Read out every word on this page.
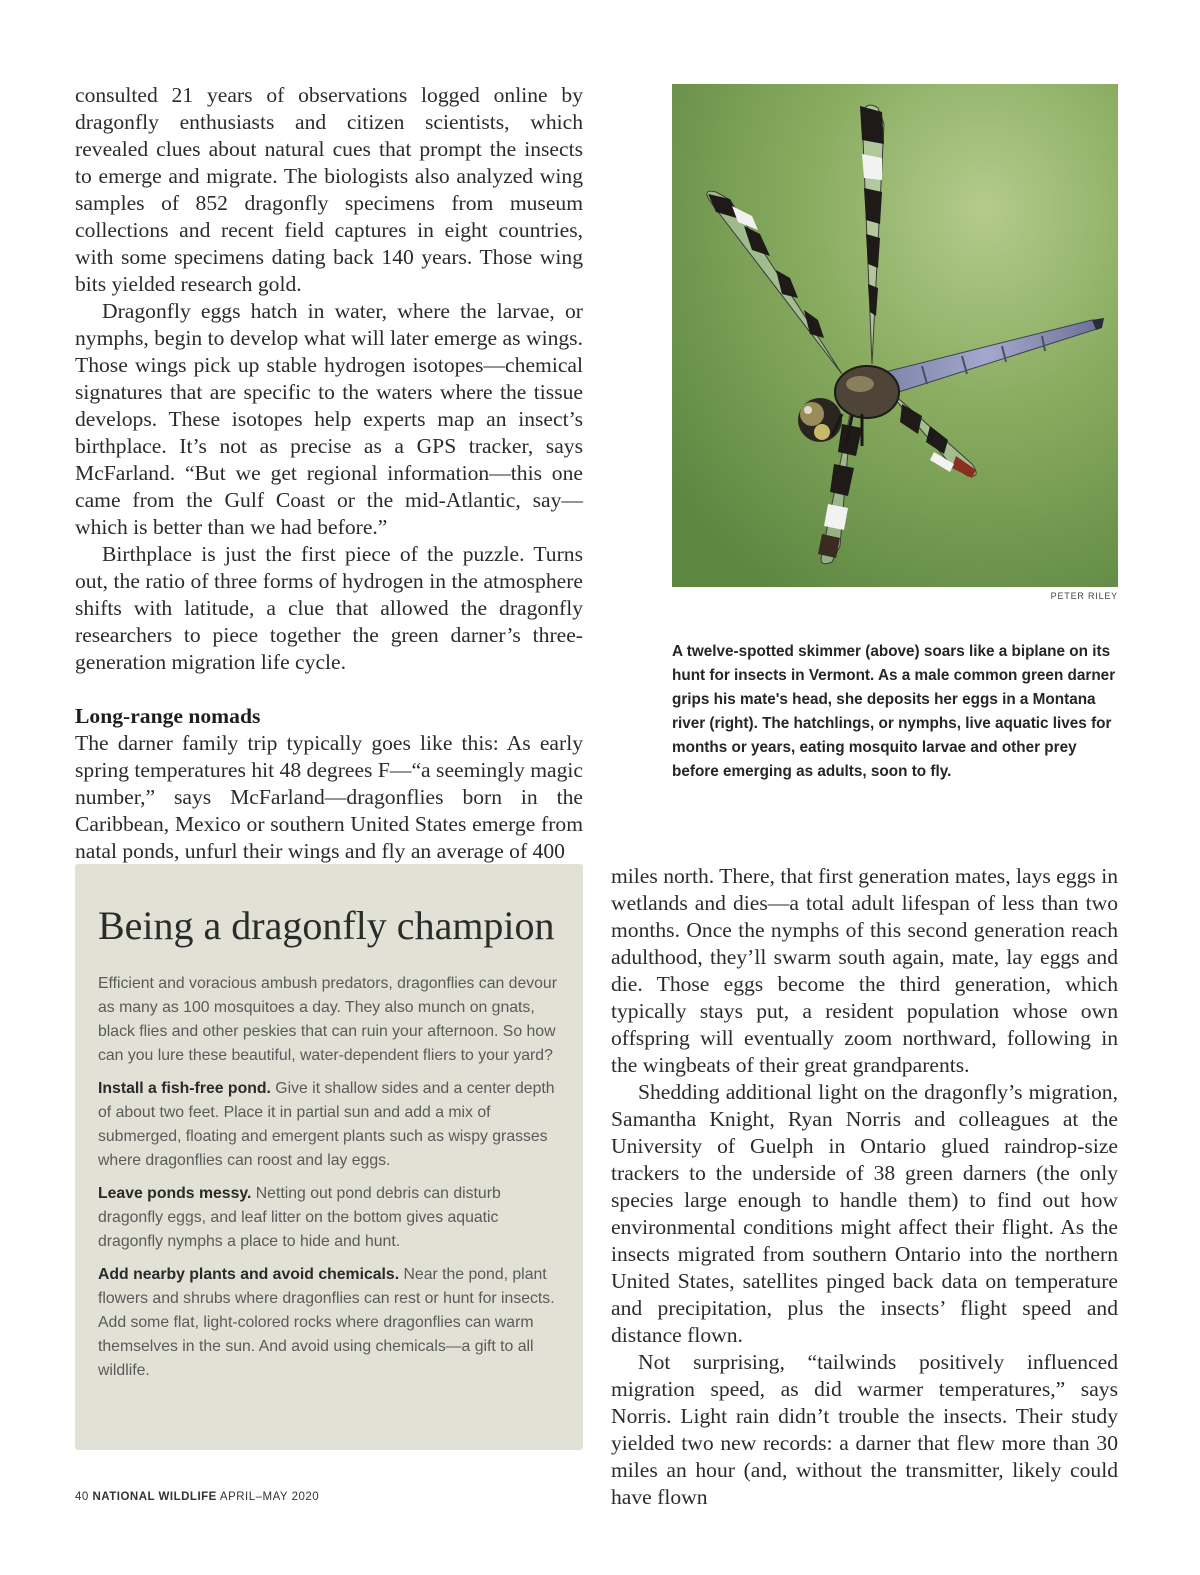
consulted 21 years of observations logged online by dragonfly enthusiasts and citizen scientists, which revealed clues about natural cues that prompt the insects to emerge and migrate. The biologists also analyzed wing samples of 852 dragonfly specimens from museum collections and recent field captures in eight countries, with some specimens dating back 140 years. Those wing bits yielded research gold.

Dragonfly eggs hatch in water, where the larvae, or nymphs, begin to develop what will later emerge as wings. Those wings pick up stable hydrogen isotopes—chemical signatures that are specific to the waters where the tissue develops. These isotopes help experts map an insect’s birthplace. It’s not as precise as a GPS tracker, says McFarland. “But we get regional information—this one came from the Gulf Coast or the mid-Atlantic, say—which is better than we had before.”

Birthplace is just the first piece of the puzzle. Turns out, the ratio of three forms of hydrogen in the atmosphere shifts with latitude, a clue that allowed the dragonfly researchers to piece together the green darner’s three-generation migration life cycle.

Long-range nomads

The darner family trip typically goes like this: As early spring temperatures hit 48 degrees F—“a seemingly magic number,” says McFarland—dragonflies born in the Caribbean, Mexico or southern United States emerge from natal ponds, unfurl their wings and fly an average of 400

PETER RILEY
A twelve-spotted skimmer (above) soars like a biplane on its hunt for insects in Vermont. As a male common green darner grips his mate's head, she deposits her eggs in a Montana river (right). The hatchlings, or nymphs, live aquatic lives for months or years, eating mosquito larvae and other prey before emerging as adults, soon to fly.
Being a dragonfly champion

Efficient and voracious ambush predators, dragonflies can devour as many as 100 mosquitoes a day. They also munch on gnats, black flies and other peskies that can ruin your afternoon. So how can you lure these beautiful, water-dependent fliers to your yard?

Install a fish-free pond. Give it shallow sides and a center depth of about two feet. Place it in partial sun and add a mix of submerged, floating and emergent plants such as wispy grasses where dragonflies can roost and lay eggs.

Leave ponds messy. Netting out pond debris can disturb dragonfly eggs, and leaf litter on the bottom gives aquatic dragonfly nymphs a place to hide and hunt.

Add nearby plants and avoid chemicals. Near the pond, plant flowers and shrubs where dragonflies can rest or hunt for insects. Add some flat, light-colored rocks where dragonflies can warm themselves in the sun. And avoid using chemicals—a gift to all wildlife.

miles north. There, that first generation mates, lays eggs in wetlands and dies—a total adult lifespan of less than two months. Once the nymphs of this second generation reach adulthood, they’ll swarm south again, mate, lay eggs and die. Those eggs become the third generation, which typically stays put, a resident population whose own offspring will eventually zoom northward, following in the wingbeats of their great grandparents.

Shedding additional light on the dragonfly’s migration, Samantha Knight, Ryan Norris and colleagues at the University of Guelph in Ontario glued raindrop-size trackers to the underside of 38 green darners (the only species large enough to handle them) to find out how environmental conditions might affect their flight. As the insects migrated from southern Ontario into the northern United States, satellites pinged back data on temperature and precipitation, plus the insects’ flight speed and distance flown.

Not surprising, “tailwinds positively influenced migration speed, as did warmer temperatures,” says Norris. Light rain didn’t trouble the insects. Their study yielded two new records: a darner that flew more than 30 miles an hour (and, without the transmitter, likely could have flown

40 NATIONAL WILDLIFE APRIL–MAY 2020
